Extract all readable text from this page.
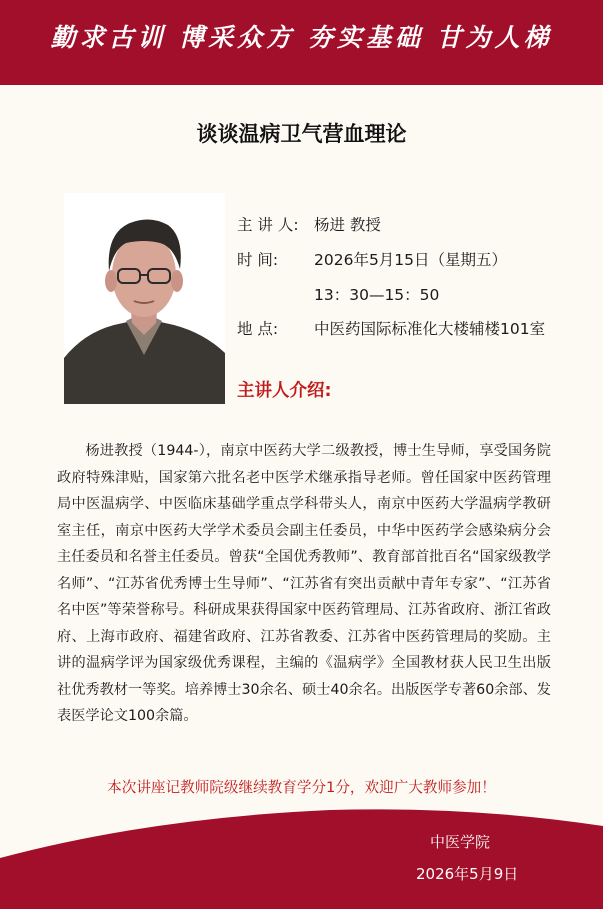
勤求古训 博采众方 夯实基础 甘为人梯
谈谈温病卫气营血理论
主 讲 人: 杨进 教授
时 间: 2026年5月15日（星期五）
13：30—15：50
地 点: 中医药国际标准化大楼辅楼101室
主讲人介绍:
杨进教授（1944-），南京中医药大学二级教授，博士生导师，享受国务院政府特殊津贴，国家第六批名老中医学术继承指导老师。曾任国家中医药管理局中医温病学、中医临床基础学重点学科带头人，南京中医药大学温病学教研室主任，南京中医药大学学术委员会副主任委员，中华中医药学会感染病分会主任委员和名誉主任委员。曾获“全国优秀教师”、教育部首批百名“国家级教学名师”、“江苏省优秀博士生导师”、“江苏省有突出贡献中青年专家”、“江苏省名中医”等荣誉称号。科研成果获得国家中医药管理局、江苏省政府、浙江省政府、上海市政府、福建省政府、江苏省教委、江苏省中医药管理局的奖励。主讲的温病学评为国家级优秀课程，主编的《温病学》全国教材获人民卫生出版社优秀教材一等奖。培养博士30余名、硕士40余名。出版医学专著60余部、发表医学论文100余篇。
本次讲座记教师院级继续教育学分1分，欢迎广大教师参加！
中医学院
2026年5月9日
